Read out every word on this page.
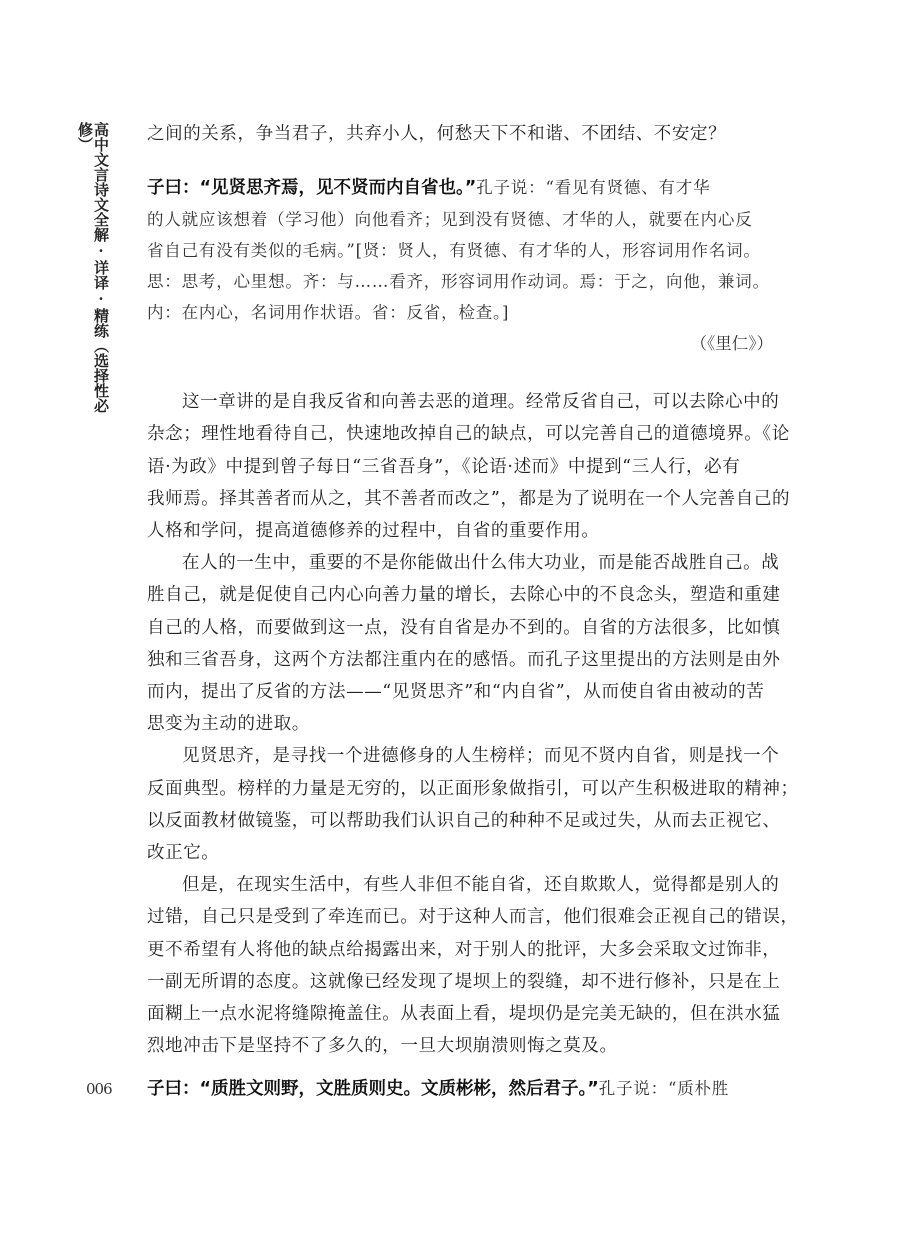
高中文言诗文全解·详译·精练（选择性必修）
006
之间的关系，争当君子，共弃小人，何愁天下不和谐、不团结、不安定？
子曰：“见贤思齐焉，见不贤而内自省也。”孔子说：“看见有贤德、有才华
的人就应该想着（学习他）向他看齐；见到没有贤德、才华的人，就要在内心反
省自己有没有类似的毛病。”[贤：贤人，有贤德、有才华的人，形容词用作名词。
思：思考，心里想。齐：与……看齐，形容词用作动词。焉：于之，向他，兼词。
内：在内心，名词用作状语。省：反省，检查。]
（《里仁》）
这一章讲的是自我反省和向善去恶的道理。经常反省自己，可以去除心中的
杂念；理性地看待自己，快速地改掉自己的缺点，可以完善自己的道德境界。《论
语·为政》中提到曾子每日“三省吾身”，《论语·述而》中提到“三人行，必有
我师焉。择其善者而从之，其不善者而改之”，都是为了说明在一个人完善自己的
人格和学问，提高道德修养的过程中，自省的重要作用。
在人的一生中，重要的不是你能做出什么伟大功业，而是能否战胜自己。战
胜自己，就是促使自己内心向善力量的增长，去除心中的不良念头，塑造和重建
自己的人格，而要做到这一点，没有自省是办不到的。自省的方法很多，比如慎
独和三省吾身，这两个方法都注重内在的感悟。而孔子这里提出的方法则是由外
而内，提出了反省的方法——“见贤思齐”和“内自省”，从而使自省由被动的苦
思变为主动的进取。
见贤思齐，是寻找一个进德修身的人生榜样；而见不贤内自省，则是找一个
反面典型。榜样的力量是无穷的，以正面形象做指引，可以产生积极进取的精神；
以反面教材做镜鉴，可以帮助我们认识自己的种种不足或过失，从而去正视它、
改正它。
但是，在现实生活中，有些人非但不能自省，还自欺欺人，觉得都是别人的
过错，自己只是受到了牵连而已。对于这种人而言，他们很难会正视自己的错误，
更不希望有人将他的缺点给揭露出来，对于别人的批评，大多会采取文过饰非，
一副无所谓的态度。这就像已经发现了堤坝上的裂缝，却不进行修补，只是在上
面糊上一点水泥将缝隙掩盖住。从表面上看，堤坝仍是完美无缺的，但在洪水猛
烈地冲击下是坚持不了多久的，一旦大坝崩溃则悔之莫及。
子曰：“质胜文则野，文胜质则史。文质彬彬，然后君子。”孔子说：“质朴胜
